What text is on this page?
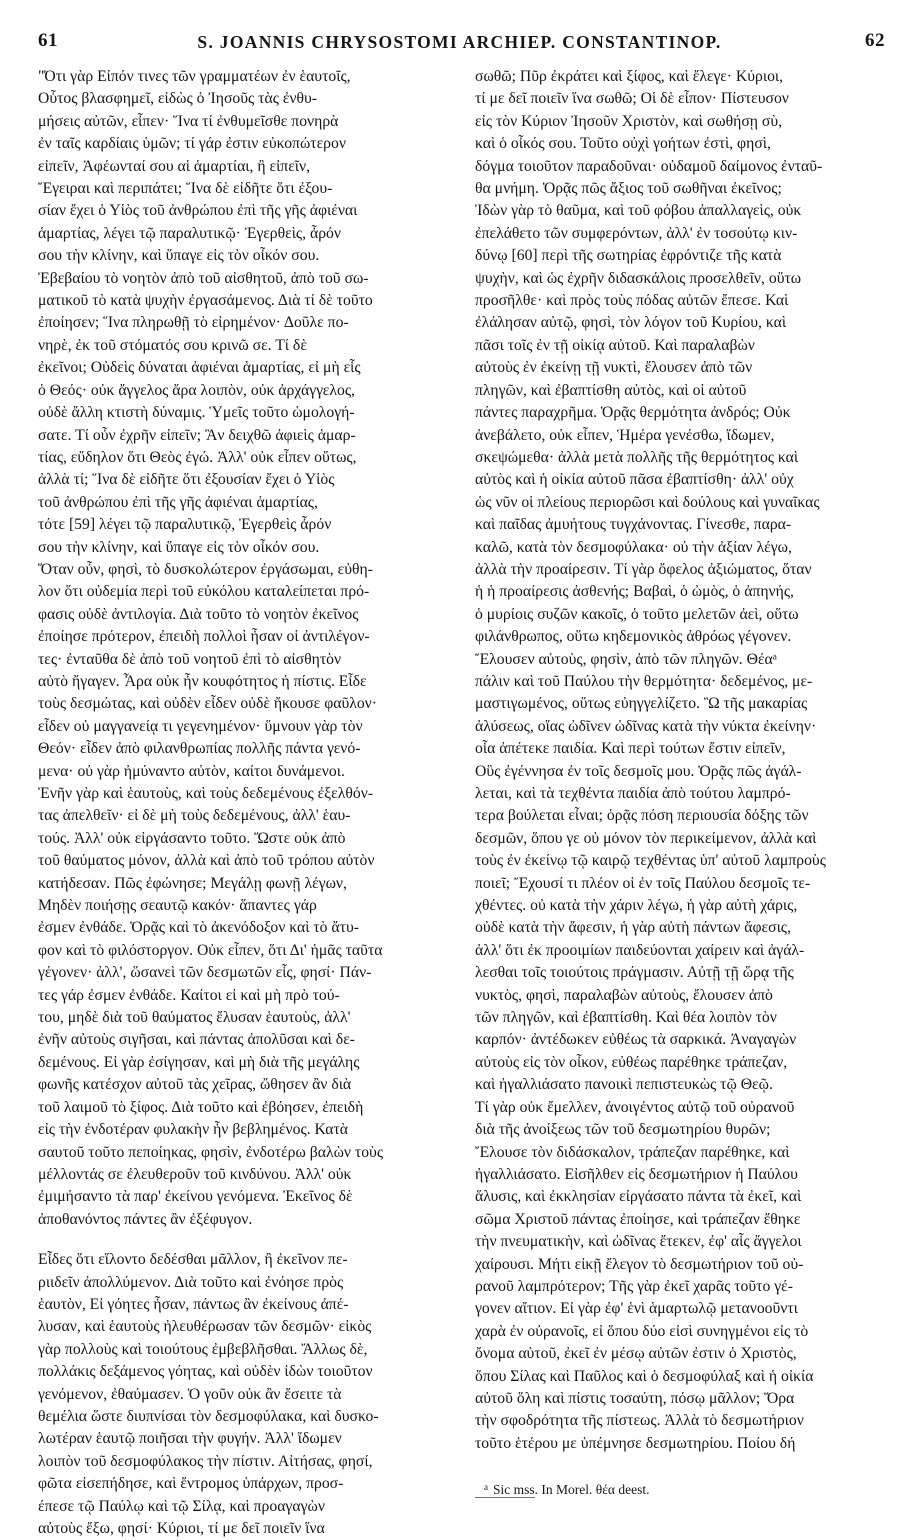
61	S. JOANNIS CHRYSOSTOMI ARCHIEP. CONSTANTINOP.	62

"Ότι γὰρ Εἰπόν τινες τῶν γραμματέων ἐν ἑαυτοῖς,

Οὗτος βλασφημεῖ, εἰδὼς ὁ Ἰησοῦς τὰς ἐνθυ-

μήσεις αὐτῶν, εἶπεν· Ἵνα τί ἐνθυμεῖσθε πονηρὰ

ἐν ταῖς καρδίαις ὑμῶν; τί γάρ ἐστιν εὐκοπώτερον

εἰπεῖν, Ἀφέωνταί σου αἱ ἁμαρτίαι, ἢ εἰπεῖν,

Ἔγειραι καὶ περιπάτει; Ἵνα δὲ εἰδῆτε ὅτι ἐξου-

σίαν ἔχει ὁ Υἱὸς τοῦ ἀνθρώπου ἐπὶ τῆς γῆς ἀφιέναι

ἁμαρτίας, λέγει τῷ παραλυτικῷ· Ἐγερθεὶς, ἆρόν

σου τὴν κλίνην, καὶ ὕπαγε εἰς τὸν οἶκόν σου.

Ἐβεβαίου τὸ νοητὸν ἀπὸ τοῦ αἰσθητοῦ, ἀπὸ τοῦ σω-

ματικοῦ τὸ κατὰ ψυχὴν ἐργασάμενος. Διὰ τί δὲ τοῦτο

ἐποίησεν; Ἵνα πληρωθῇ τὸ εἰρημένον· Δοῦλε πο-

νηρὲ, ἐκ τοῦ στόματός σου κρινῶ σε. Τί δὲ

ἐκεῖνοι; Οὐδεὶς δύναται ἀφιέναι ἁμαρτίας, εἰ μὴ εἷς

ὁ Θεός· οὐκ ἄγγελος ἄρα λοιπὸν, οὐκ ἀρχάγγελος,

οὐδὲ ἄλλη κτιστὴ δύναμις. Ὑμεῖς τοῦτο ὡμολογή-

σατε. Τί οὖν ἐχρῆν εἰπεῖν; Ἂν δειχθῶ ἀφιεὶς ἁμαρ-

τίας, εὔδηλον ὅτι Θεὸς ἐγώ. Ἀλλ' οὐκ εἶπεν οὕτως,

ἀλλὰ τί; Ἵνα δὲ εἰδῆτε ὅτι ἐξουσίαν ἔχει ὁ Υἱὸς

τοῦ ἀνθρώπου ἐπὶ τῆς γῆς ἀφιέναι ἁμαρτίας,

τότε [59] λέγει τῷ παραλυτικῷ, Ἐγερθεὶς ἆρόν

σου τὴν κλίνην, καὶ ὕπαγε εἰς τὸν οἶκόν σου.

Ὅταν οὖν, φησὶ, τὸ δυσκολώτερον ἐργάσωμαι, εὐθη-

λον ὅτι οὐδεμία περὶ τοῦ εὐκόλου καταλείπεται πρό-

φασις οὐδὲ ἀντιλογία. Διὰ τοῦτο τὸ νοητὸν ἐκεῖνος

ἐποίησε πρότερον, ἐπειδὴ πολλοὶ ἦσαν οἱ ἀντιλέγον-

τες· ἐνταῦθα δὲ ἀπὸ τοῦ νοητοῦ ἐπὶ τὸ αἰσθητὸν

αὐτὸ ἤγαγεν. Ἆρα οὐκ ἦν κουφότητος ἡ πίστις. Εἶδε

τοὺς δεσμώτας, καὶ οὐδὲν εἶδεν οὐδὲ ἤκουσε φαῦλον·

εἶδεν οὐ μαγγανείᾳ τι γεγενημένον· ὕμνουν γὰρ τὸν

Θεόν· εἶδεν ἀπὸ φιλανθρωπίας πολλῆς πάντα γενό-

μενα· οὐ γὰρ ἠμύναντο αὐτὸν, καίτοι δυνάμενοι.

Ἐνῆν γὰρ καὶ ἑαυτοὺς, καὶ τοὺς δεδεμένους ἐξελθόν-

τας ἀπελθεῖν· εἰ δὲ μὴ τοὺς δεδεμένους, ἀλλ' ἑαυ-

τούς. Ἀλλ' οὐκ εἰργάσαντο τοῦτο. Ὥστε οὐκ ἀπὸ

τοῦ θαύματος μόνον, ἀλλὰ καὶ ἀπὸ τοῦ τρόπου αὐτὸν

κατήδεσαν. Πῶς ἐφώνησε; Μεγάλῃ φωνῇ λέγων,

Μηδὲν ποιήσῃς σεαυτῷ κακόν· ἅπαντες γάρ

ἐσμεν ἐνθάδε. Ὁρᾷς καὶ τὸ ἀκενόδοξον καὶ τὸ ἄτυ-

φον καὶ τὸ φιλόστοργον. Οὐκ εἶπεν, ὅτι Δι' ἡμᾶς ταῦτα

γέγονεν· ἀλλ', ὥσανεὶ τῶν δεσμωτῶν εἷς, φησί· Πάν-

τες γάρ ἐσμεν ἐνθάδε. Καίτοι εἰ καὶ μὴ πρὸ τού-

του, μηδὲ διὰ τοῦ θαύματος ἔλυσαν ἑαυτοὺς, ἀλλ'

ἐνῆν αὐτοὺς σιγῆσαι, καὶ πάντας ἀπολῦσαι καὶ δε-

δεμένους. Εἰ γὰρ ἐσίγησαν, καὶ μὴ διὰ τῆς μεγάλης

φωνῆς κατέσχον αὐτοῦ τὰς χεῖρας, ὤθησεν ἂν διὰ

τοῦ λαιμοῦ τὸ ξίφος. Διὰ τοῦτο καὶ ἐβόησεν, ἐπειδὴ

εἰς τὴν ἐνδοτέραν φυλακὴν ἦν βεβλημένος. Κατὰ

σαυτοῦ τοῦτο πεποίηκας, φησὶν, ἐνδοτέρω βαλὼν τοὺς

μέλλοντάς σε ἐλευθεροῦν τοῦ κινδύνου. Ἀλλ' οὐκ

ἐμιμήσαντο τὰ παρ' ἐκείνου γενόμενα. Ἐκεῖνος δὲ

ἀποθανόντος πάντες ἂν ἐξέφυγον.

Εἶδες ὅτι εἵλοντο δεδέσθαι μᾶλλον, ἢ ἐκεῖνον πε-

ριιδεῖν ἀπολλύμενον. Διὰ τοῦτο καὶ ἐνόησε πρὸς

ἑαυτὸν, Εἰ γόητες ἦσαν, πάντως ἂν ἐκείνους ἀπέ-

λυσαν, καὶ ἑαυτοὺς ἠλευθέρωσαν τῶν δεσμῶν· εἰκὸς

γὰρ πολλοὺς καὶ τοιούτους ἐμβεβλῆσθαι. Ἄλλως δὲ,

πολλάκις δεξάμενος γόητας, καὶ οὐδὲν ἰδὼν τοιοῦτον

γενόμενον, ἐθαύμασεν. Ὁ γοῦν οὐκ ἂν ἔσειτε τὰ

θεμέλια ὥστε διυπνίσαι τὸν δεσμοφύλακα, καὶ δυσκο-

λωτέραν ἑαυτῷ ποιῆσαι τὴν φυγήν. Ἀλλ' ἴδωμεν

λοιπὸν τοῦ δεσμοφύλακος τὴν πίστιν. Αἰτήσας, φησί,

φῶτα εἰσεπήδησε, καὶ ἔντρομος ὑπάρχων, προσ-

έπεσε τῷ Παύλῳ καὶ τῷ Σίλᾳ, καὶ προαγαγὼν

αὐτοὺς ἔξω, φησί· Κύριοι, τί με δεῖ ποιεῖν ἵνα

σωθῶ; Πῦρ ἐκράτει καὶ ξίφος, καὶ ἔλεγε· Κύριοι,

τί με δεῖ ποιεῖν ἵνα σωθῶ; Οἱ δὲ εἶπον· Πίστευσον

εἰς τὸν Κύριον Ἰησοῦν Χριστὸν, καὶ σωθήσῃ σὺ,

καὶ ὁ οἶκός σου. Τοῦτο οὐχὶ γοήτων ἐστὶ, φησὶ,

δόγμα τοιοῦτον παραδοῦναι· οὐδαμοῦ δαίμονος ἐνταῦ-

θα μνήμη. Ὁρᾷς πῶς ἄξιος τοῦ σωθῆναι ἐκεῖνος;

Ἰδὼν γὰρ τὸ θαῦμα, καὶ τοῦ φόβου ἀπαλλαγεὶς, οὐκ

ἐπελάθετο τῶν συμφερόντων, ἀλλ' ἐν τοσούτῳ κιν-

δύνῳ [60] περὶ τῆς σωτηρίας ἐφρόντιζε τῆς κατὰ

ψυχὴν, καὶ ὡς ἐχρῆν διδασκάλοις προσελθεῖν, οὕτω

προσῆλθε· καὶ πρὸς τοὺς πόδας αὐτῶν ἔπεσε. Καὶ

ἐλάλησαν αὐτῷ, φησὶ, τὸν λόγον τοῦ Κυρίου, καὶ

πᾶσι τοῖς ἐν τῇ οἰκίᾳ αὐτοῦ. Καὶ παραλαβὼν

αὐτοὺς ἐν ἐκείνῃ τῇ νυκτὶ, ἔλουσεν ἀπὸ τῶν

πληγῶν, καὶ ἐβαπτίσθη αὐτὸς, καὶ οἱ αὐτοῦ

πάντες παραχρῆμα. Ὁρᾷς θερμότητα ἀνδρός; Οὐκ

ἀνεβάλετο, οὐκ εἶπεν, Ἡμέρα γενέσθω, ἴδωμεν,

σκεψώμεθα· ἀλλὰ μετὰ πολλῆς τῆς θερμότητος καὶ

αὐτὸς καὶ ἡ οἰκία αὐτοῦ πᾶσα ἐβαπτίσθη· ἀλλ' οὐχ

ὡς νῦν οἱ πλείους περιορῶσι καὶ δούλους καὶ γυναῖκας

καὶ παῖδας ἀμυήτους τυγχάνοντας. Γίνεσθε, παρα-

καλῶ, κατὰ τὸν δεσμοφύλακα· οὐ τὴν ἀξίαν λέγω,

ἀλλὰ τὴν προαίρεσιν. Τί γὰρ ὄφελος ἀξιώματος, ὅταν

ἡ ἡ προαίρεσις ἀσθενής; Βαβαὶ, ὁ ὠμὸς, ὁ ἀπηνής,

ὁ μυρίοις συζῶν κακοῖς, ὁ τοῦτο μελετῶν ἀεὶ, οὕτω

φιλάνθρωπος, οὕτω κηδεμονικὸς ἀθρόως γέγονεν.

Ἔλουσεν αὐτοὺς, φησὶν, ἀπὸ τῶν πληγῶν. Θέαᵃ

πάλιν καὶ τοῦ Παύλου τὴν θερμότητα· δεδεμένος, με-

μαστιγωμένος, οὕτως εὐηγγελίζετο. Ὢ τῆς μακαρίας

ἀλύσεως, οἵας ὠδῖνεν ὠδῖνας κατὰ τὴν νύκτα ἐκείνην·

οἷα ἀπέτεκε παιδία. Καὶ περὶ τούτων ἔστιν εἰπεῖν,

Οὓς ἐγέννησα ἐν τοῖς δεσμοῖς μου. Ὁρᾷς πῶς ἀγάλ-

λεται, καὶ τὰ τεχθέντα παιδία ἀπὸ τούτου λαμπρό-

τερα βούλεται εἶναι; ὁρᾷς πόση περιουσία δόξης τῶν

δεσμῶν, ὅπου γε οὐ μόνον τὸν περικείμενον, ἀλλὰ καὶ

τοὺς ἐν ἐκείνῳ τῷ καιρῷ τεχθέντας ὑπ' αὐτοῦ λαμπροὺς

ποιεῖ; Ἔχουσί τι πλέον οἱ ἐν τοῖς Παύλου δεσμοῖς τε-

χθέντες. οὐ κατὰ τὴν χάριν λέγω, ἡ γὰρ αὐτὴ χάρις,

οὐδὲ κατὰ τὴν ἄφεσιν, ἡ γὰρ αὐτὴ πάντων ἄφεσις,

ἀλλ' ὅτι ἐκ προοιμίων παιδεύονται χαίρειν καὶ ἀγάλ-

λεσθαι τοῖς τοιούτοις πράγμασιν. Αὐτῇ τῇ ὥρᾳ τῆς

νυκτὸς, φησὶ, παραλαβὼν αὐτοὺς, ἔλουσεν ἀπὸ

τῶν πληγῶν, καὶ ἐβαπτίσθη. Καὶ θέα λοιπὸν τὸν

καρπόν· ἀντέδωκεν εὐθέως τὰ σαρκικά. Ἀναγαγὼν

αὐτοὺς εἰς τὸν οἶκον, εὐθέως παρέθηκε τράπεζαν,

καὶ ἠγαλλιάσατο πανοικὶ πεπιστευκὼς τῷ Θεῷ.

Τί γὰρ οὐκ ἔμελλεν, ἀνοιγέντος αὐτῷ τοῦ οὐρανοῦ

διὰ τῆς ἀνοίξεως τῶν τοῦ δεσμωτηρίου θυρῶν;

Ἔλουσε τὸν διδάσκαλον, τράπεζαν παρέθηκε, καὶ

ἠγαλλιάσατο. Εἰσῆλθεν εἰς δεσμωτήριον ἡ Παύλου

ἅλυσις, καὶ ἐκκλησίαν εἰργάσατο πάντα τὰ ἐκεῖ, καὶ

σῶμα Χριστοῦ πάντας ἐποίησε, καὶ τράπεζαν ἔθηκε

τὴν πνευματικὴν, καὶ ὠδῖνας ἔτεκεν, ἐφ' αἷς ἄγγελοι

χαίρουσι. Μήτι εἰκῇ ἔλεγον τὸ δεσμωτήριον τοῦ οὐ-

ρανοῦ λαμπρότερον; Τῆς γὰρ ἐκεῖ χαρᾶς τοῦτο γέ-

γονεν αἴτιον. Εἰ γὰρ ἐφ' ἑνὶ ἁμαρτωλῷ μετανοοῦντι

χαρὰ ἐν οὐρανοῖς, εἰ ὅπου δύο εἰσὶ συνηγμένοι εἰς τὸ

ὄνομα αὐτοῦ, ἐκεῖ ἐν μέσῳ αὐτῶν ἐστιν ὁ Χριστὸς,

ὅπου Σίλας καὶ Παῦλος καὶ ὁ δεσμοφύλαξ καὶ ἡ οἰκία

αὐτοῦ ὅλη καὶ πίστις τοσαύτη, πόσῳ μᾶλλον; Ὅρα

τὴν σφοδρότητα τῆς πίστεως. Ἀλλὰ τὸ δεσμωτήριον

τοῦτο ἑτέρου με ὑπέμνησε δεσμωτηρίου. Ποίου δή

$^a$ Sic mss. In Morel. θέα deest.
